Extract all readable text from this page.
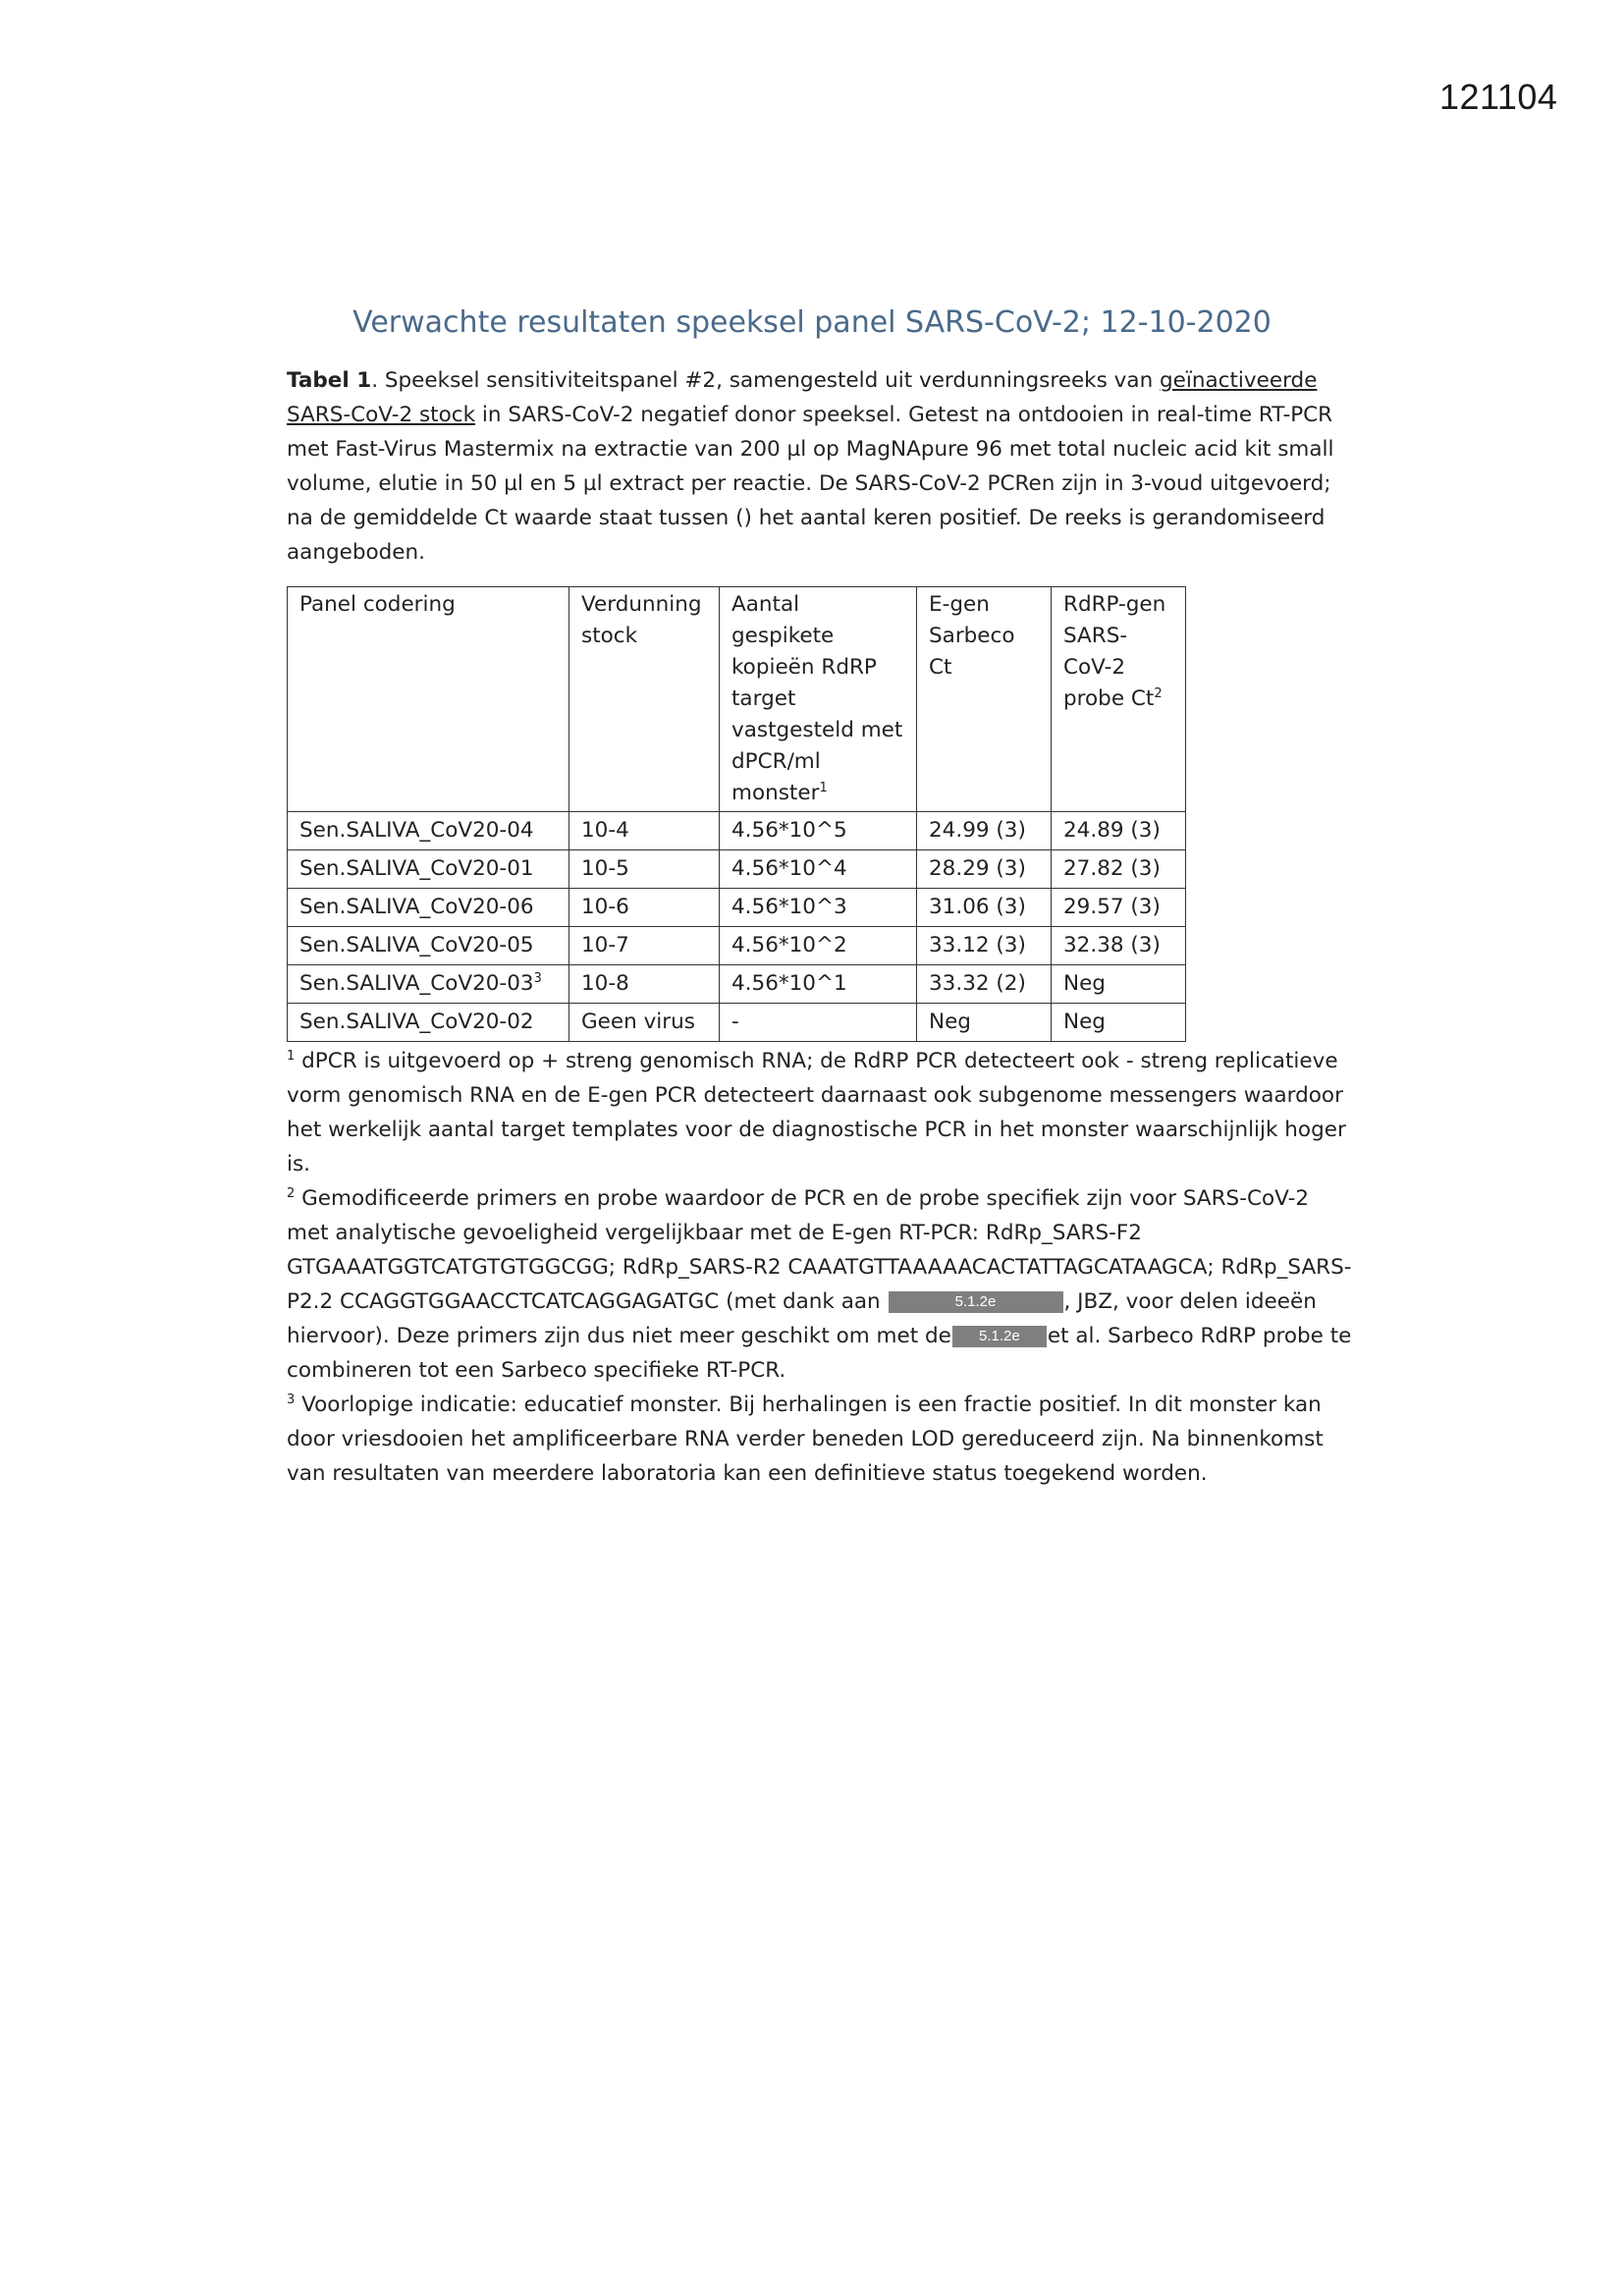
121104
Verwachte resultaten speeksel panel SARS-CoV-2; 12-10-2020

Tabel 1. Speeksel sensitiviteitspanel #2, samengesteld uit verdunningsreeks van geïnactiveerde SARS-CoV-2 stock in SARS-CoV-2 negatief donor speeksel. Getest na ontdooien in real-time RT-PCR met Fast-Virus Mastermix na extractie van 200 µl op MagNApure 96 met total nucleic acid kit small volume, elutie in 50 µl en 5 µl extract per reactie. De SARS-CoV-2 PCRen zijn in 3-voud uitgevoerd; na de gemiddelde Ct waarde staat tussen () het aantal keren positief. De reeks is gerandomiseerd aangeboden.

Panel codering	Verdunning stock	Aantal gespikete kopieën RdRP target vastgesteld met dPCR/ml monster$^1$	E-gen Sarbeco Ct	RdRP-gen SARS-CoV-2 probe Ct$^2$
Sen.SALIVA_CoV20-04	10-4	4.56*10^5	24.99 (3)	24.89 (3)
Sen.SALIVA_CoV20-01	10-5	4.56*10^4	28.29 (3)	27.82 (3)
Sen.SALIVA_CoV20-06	10-6	4.56*10^3	31.06 (3)	29.57 (3)
Sen.SALIVA_CoV20-05	10-7	4.56*10^2	33.12 (3)	32.38 (3)
$Sen.SALIVA\_CoV20-03^3$	10-8	4.56*10^1	33.32 (2)	Neg
Sen.SALIVA_CoV20-02	Geen virus	-	Neg	Neg

$^1$ dPCR is uitgevoerd op + streng genomisch RNA; de RdRP PCR detecteert ook - streng replicatieve vorm genomisch RNA en de E-gen PCR detecteert daarnaast ook subgenome messengers waardoor het werkelijk aantal target templates voor de diagnostische PCR in het monster waarschijnlijk hoger is.

$^2$ Gemodificeerde primers en probe waardoor de PCR en de probe specifiek zijn voor SARS-CoV-2 met analytische gevoeligheid vergelijkbaar met de E-gen RT-PCR: RdRp_SARS-F2 GTGAAATGGTCATGTGTGGCGG; RdRp_SARS-R2 CAAATGTTAAAAACACTATTAGCATAAGCA; RdRp_SARS-P2.2 CCAGGTGGAACCTCATCAGGAGATGC (met dank aan	5.1.2e	, JBZ, voor delen ideeën hiervoor). Deze primers zijn dus niet meer geschikt om met de 5.1.2e et al. Sarbeco RdRP probe te combineren tot een Sarbeco specifieke RT-PCR.

$^3$ Voorlopige indicatie: educatief monster. Bij herhalingen is een fractie positief. In dit monster kan door vriesdooien het amplificeerbare RNA verder beneden LOD gereduceerd zijn. Na binnenkomst van resultaten van meerdere laboratoria kan een definitieve status toegekend worden.
